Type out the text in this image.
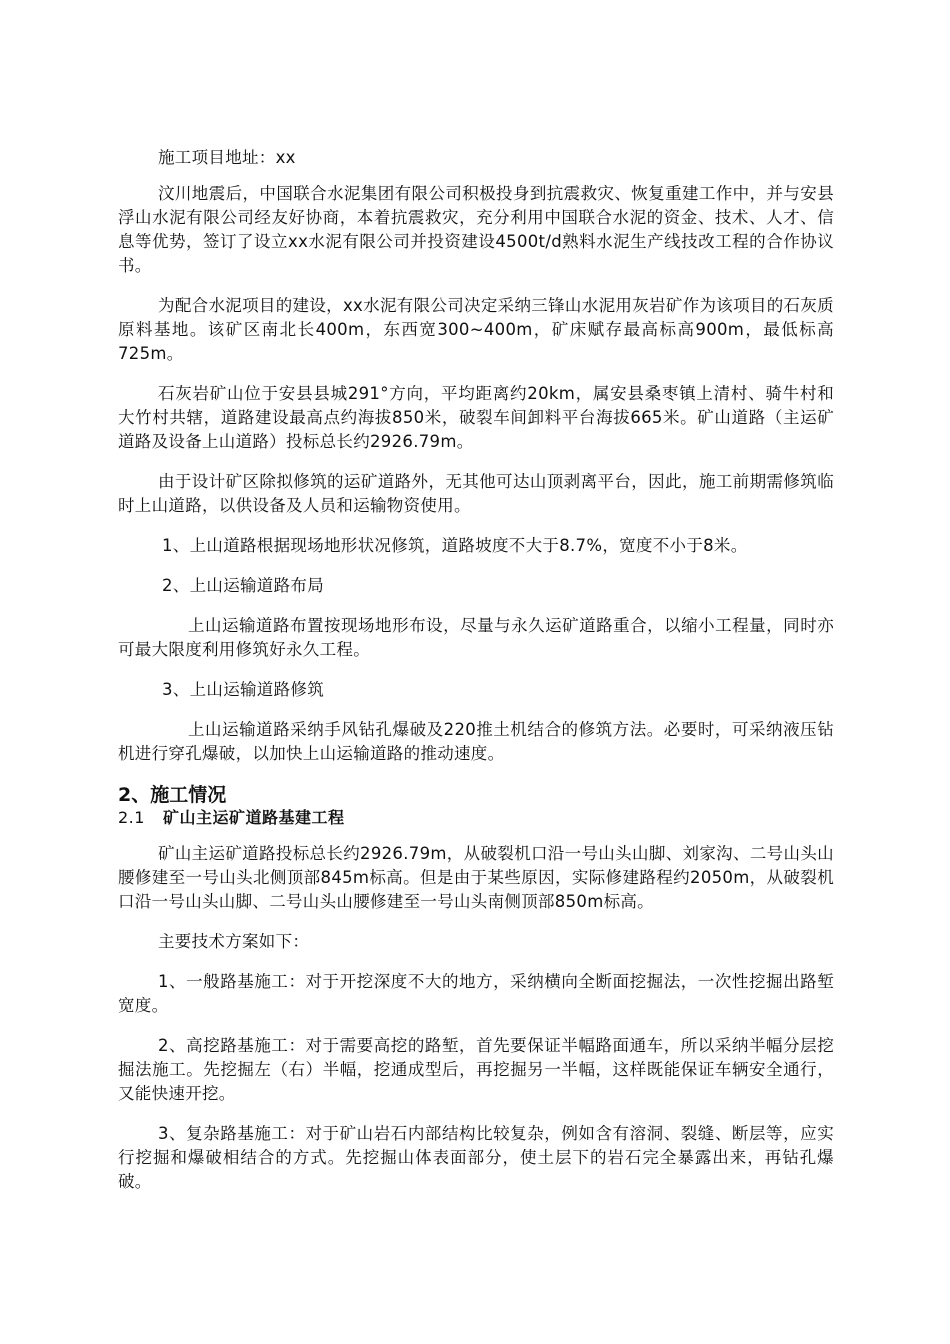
施工项目地址：xx

汶川地震后，中国联合水泥集团有限公司积极投身到抗震救灾、恢复重建工作中，并与安县浮山水泥有限公司经友好协商，本着抗震救灾，充分利用中国联合水泥的资金、技术、人才、信息等优势，签订了设立xx水泥有限公司并投资建设4500t/d熟料水泥生产线技改工程的合作协议书。

为配合水泥项目的建设，xx水泥有限公司决定采纳三锋山水泥用灰岩矿作为该项目的石灰质原料基地。该矿区南北长400m，东西宽300~400m，矿床赋存最高标高900m，最低标高725m。

石灰岩矿山位于安县县城291°方向，平均距离约20km，属安县桑枣镇上清村、骑牛村和大竹村共辖，道路建设最高点约海拔850米，破裂车间卸料平台海拔665米。矿山道路（主运矿道路及设备上山道路）投标总长约2926.79m。

由于设计矿区除拟修筑的运矿道路外，无其他可达山顶剥离平台，因此，施工前期需修筑临时上山道路，以供设备及人员和运输物资使用。

1、上山道路根据现场地形状况修筑，道路坡度不大于8.7%，宽度不小于8米。

2、上山运输道路布局

上山运输道路布置按现场地形布设，尽量与永久运矿道路重合，以缩小工程量，同时亦可最大限度利用修筑好永久工程。

3、上山运输道路修筑

上山运输道路采纳手风钻孔爆破及220推土机结合的修筑方法。必要时，可采纳液压钻机进行穿孔爆破，以加快上山运输道路的推动速度。

2、施工情况
2.1 矿山主运矿道路基建工程

矿山主运矿道路投标总长约2926.79m，从破裂机口沿一号山头山脚、刘家沟、二号山头山腰修建至一号山头北侧顶部845m标高。但是由于某些原因，实际修建路程约2050m，从破裂机口沿一号山头山脚、二号山头山腰修建至一号山头南侧顶部850m标高。

主要技术方案如下：

1、一般路基施工：对于开挖深度不大的地方，采纳横向全断面挖掘法，一次性挖掘出路堑宽度。

2、高挖路基施工：对于需要高挖的路堑，首先要保证半幅路面通车，所以采纳半幅分层挖掘法施工。先挖掘左（右）半幅，挖通成型后，再挖掘另一半幅，这样既能保证车辆安全通行，又能快速开挖。

3、复杂路基施工：对于矿山岩石内部结构比较复杂，例如含有溶洞、裂缝、断层等，应实行挖掘和爆破相结合的方式。先挖掘山体表面部分，使土层下的岩石完全暴露出来，再钻孔爆破。
